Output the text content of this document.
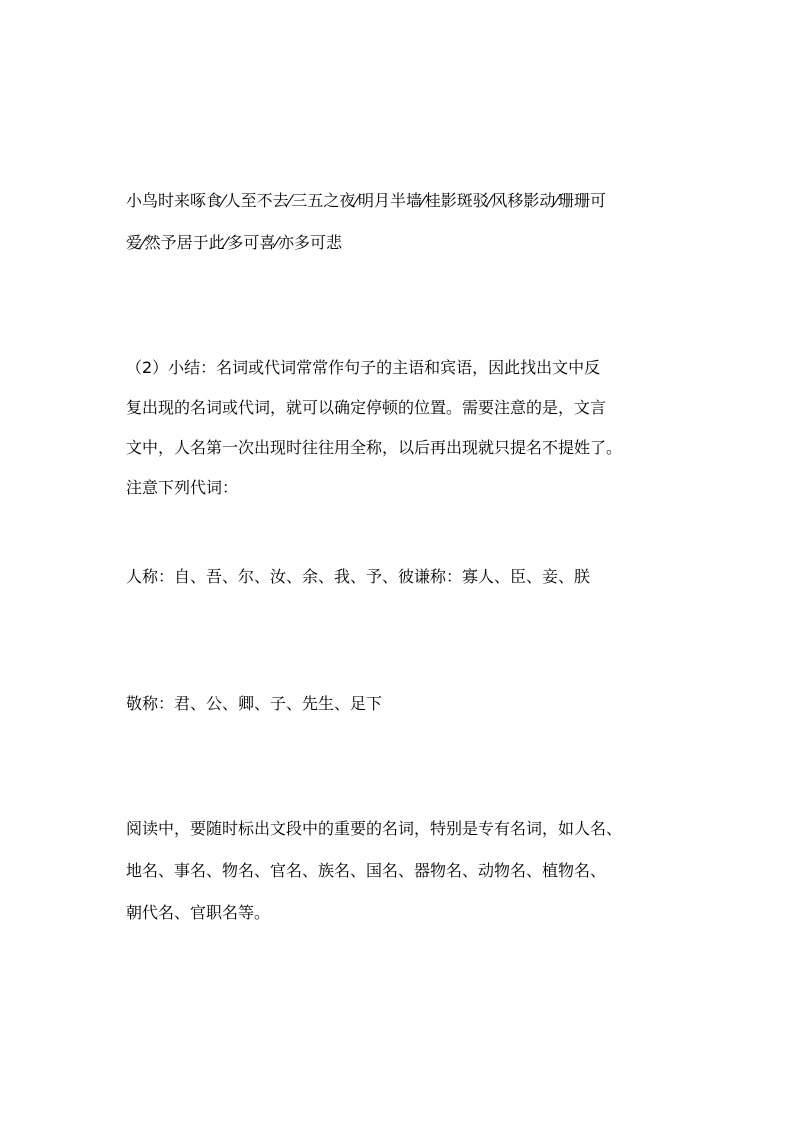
小鸟时来啄食⁄人至不去⁄三五之夜⁄明月半墙⁄桂影斑驳⁄风移影动⁄珊珊可
爱⁄然予居于此⁄多可喜⁄亦多可悲

（2）小结：名词或代词常常作句子的主语和宾语，因此找出文中反
复出现的名词或代词，就可以确定停顿的位置。需要注意的是，文言
文中，人名第一次出现时往往用全称，以后再出现就只提名不提姓了。
注意下列代词：

人称：自、吾、尔、汝、余、我、予、彼谦称：寡人、臣、妾、朕

敬称：君、公、卿、子、先生、足下

阅读中，要随时标出文段中的重要的名词，特别是专有名词，如人名、
地名、事名、物名、官名、族名、国名、器物名、动物名、植物名、
朝代名、官职名等。
